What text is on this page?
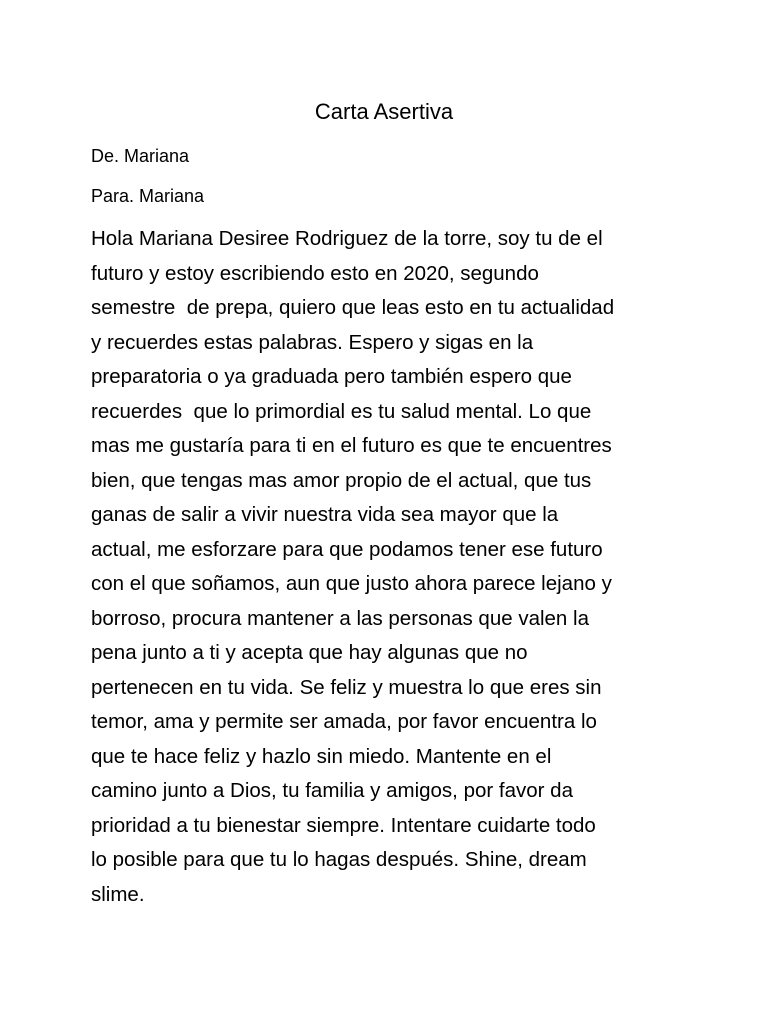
Carta Asertiva
De. Mariana
Para. Mariana
Hola Mariana Desiree Rodriguez de la torre, soy tu de el
futuro y estoy escribiendo esto en 2020, segundo
semestre  de prepa, quiero que leas esto en tu actualidad
y recuerdes estas palabras. Espero y sigas en la
preparatoria o ya graduada pero también espero que
recuerdes  que lo primordial es tu salud mental. Lo que
mas me gustaría para ti en el futuro es que te encuentres
bien, que tengas mas amor propio de el actual, que tus
ganas de salir a vivir nuestra vida sea mayor que la
actual, me esforzare para que podamos tener ese futuro
con el que soñamos, aun que justo ahora parece lejano y
borroso, procura mantener a las personas que valen la
pena junto a ti y acepta que hay algunas que no
pertenecen en tu vida. Se feliz y muestra lo que eres sin
temor, ama y permite ser amada, por favor encuentra lo
que te hace feliz y hazlo sin miedo. Mantente en el
camino junto a Dios, tu familia y amigos, por favor da
prioridad a tu bienestar siempre. Intentare cuidarte todo
lo posible para que tu lo hagas después. Shine, dream
slime.
